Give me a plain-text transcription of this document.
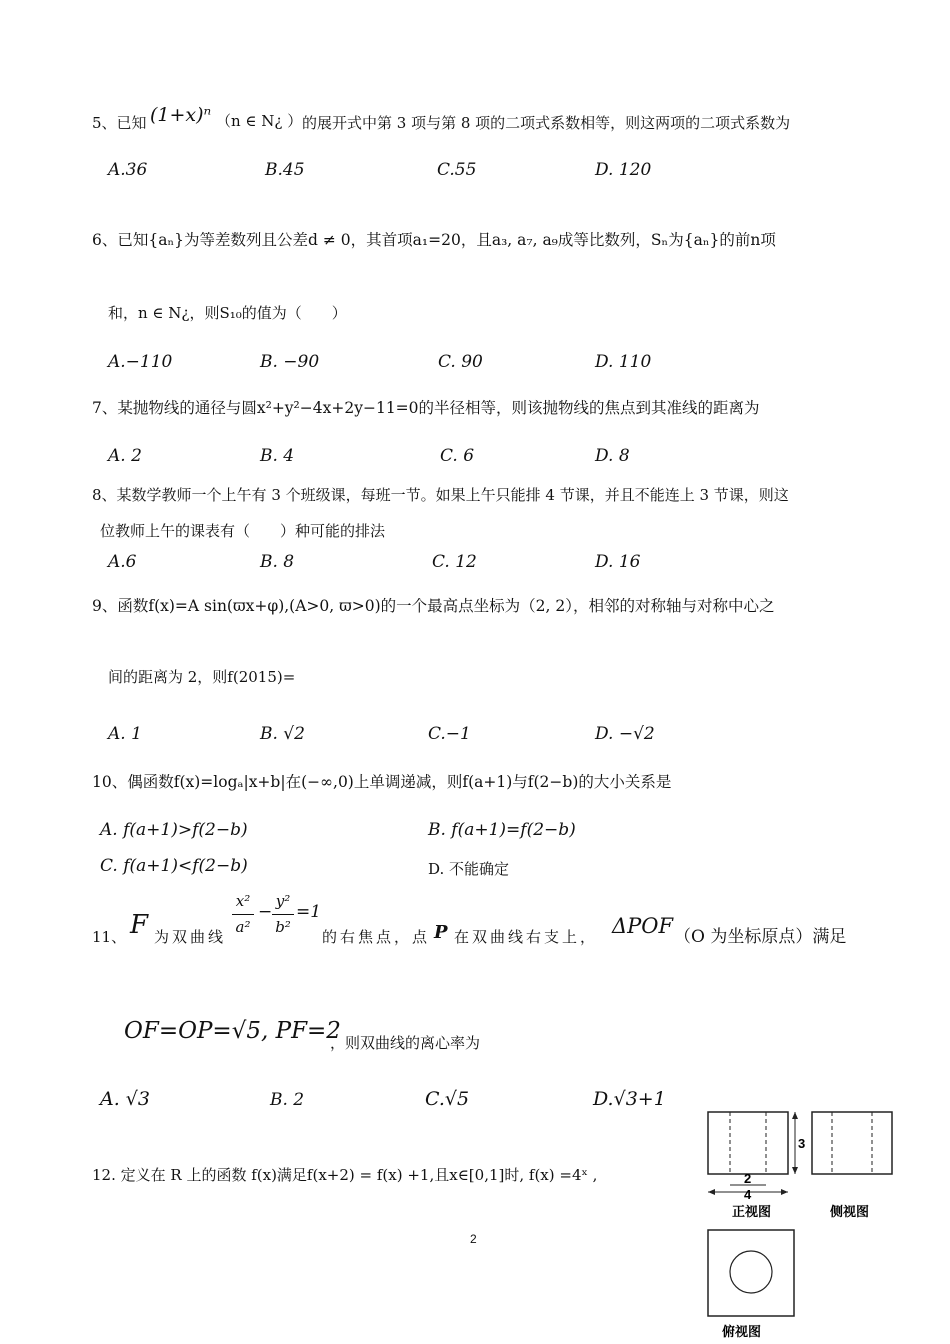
5、已知 (1+x)ⁿ （n ∈ N¿ ） 的展开式中第 3 项与第 8 项的二项式系数相等，则这两项的二项式系数为
A.36	B.45	C.55	D. 120
6、已知{aₙ}为等差数列且公差d ≠ 0，其首项a₁=20，且a₃, a₇, a₉成等比数列，Sₙ为{aₙ}的前n项
和，n ∈ N¿，则S₁₀的值为（　　）
A.−110	B. −90	C. 90	D. 110
7、某抛物线的通径与圆x²+y²−4x+2y−11=0的半径相等，则该抛物线的焦点到其准线的距离为
A. 2	B. 4	C. 6	D. 8
8、某数学教师一个上午有 3 个班级课，每班一节。如果上午只能排 4 节课，并且不能连上 3 节课，则这
位教师上午的课表有（　　）种可能的排法
A.6	B. 8	C. 12	D. 16
9、函数f(x)=A sin(ϖx+φ),(A>0, ϖ>0)的一个最高点坐标为（2, 2），相邻的对称轴与对称中心之
间的距离为 2，则f(2015)=
A. 1	B. √2	C.−1	D. −√2
10、偶函数f(x)=logₐ|x+b|在(−∞,0)上单调递减，则f(a+1)与f(2−b)的大小关系是
A. f(a+1)>f(2−b)	B. f(a+1)=f(2−b)
C. f(a+1)<f(2−b)	D. 不能确定
11、 F 为双曲线
x²
a²
−
y²
b²
=1
的右焦点，点 P 在双曲线右支上， ΔPOF （O 为坐标原点）满足
OF=OP=√5, PF=2
，则双曲线的离心率为
A. √3	B. 2	C.√5	D.√3+1
12. 定义在 R 上的函数 f(x)满足f(x+2) = f(x) +1,且x∈[0,1]时, f(x) =4ˣ ,
3
2
4
正视图	侧视图
俯视图
2
